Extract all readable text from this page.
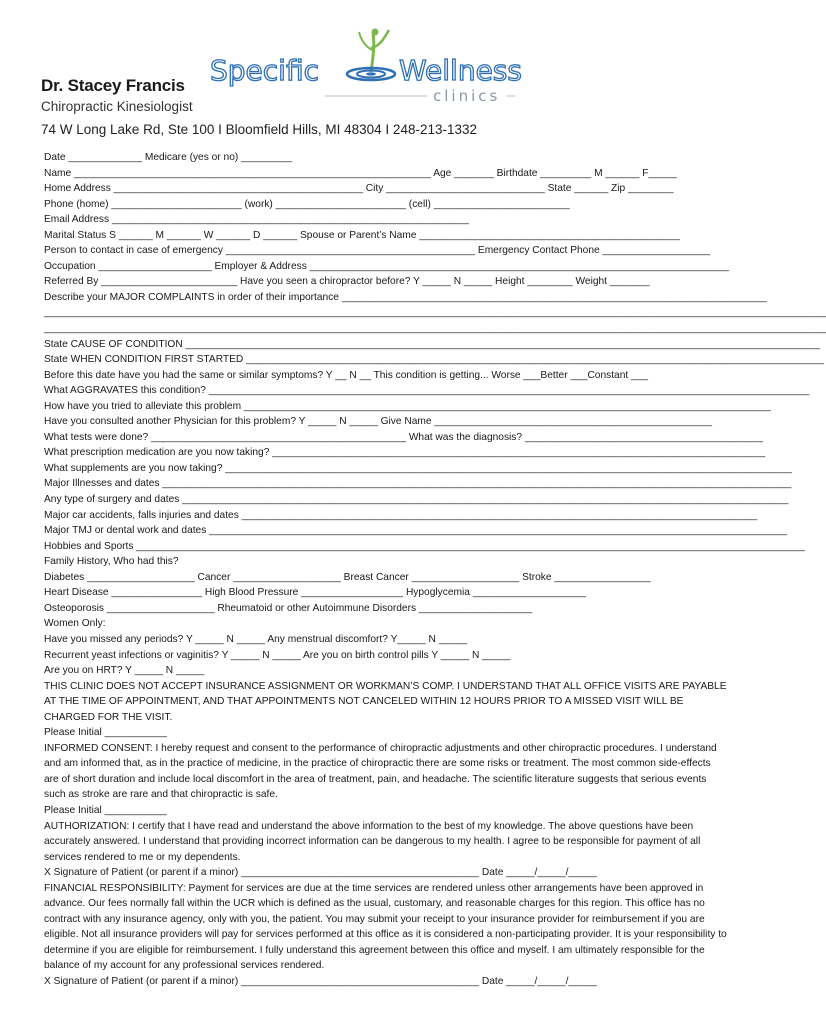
Dr. Stacey Francis
Chiropractic Kinesiologist
74 W Long Lake Rd, Ste 100 I Bloomfield Hills, MI 48304 I 248-213-1332
Specific	Wellness
clinics
Date _____________ Medicare (yes or no) _________
Name _______________________________________________________________ Age _______ Birthdate _________ M ______ F_____
Home Address ____________________________________________ City ____________________________ State ______ Zip ________
Phone (home) _______________________ (work) _______________________ (cell) ________________________
Email Address _______________________________________________________________
Marital Status S ______ M ______ W ______ D ______ Spouse or Parent’s Name ______________________________________________
Person to contact in case of emergency ____________________________________________ Emergency Contact Phone ___________________
Occupation ____________________ Employer & Address __________________________________________________________________________
Referred By ________________________ Have you seen a chiropractor before? Y _____ N _____ Height ________ Weight _______
Describe your MAJOR COMPLAINTS in order of their importance ___________________________________________________________________________
__________________________________________________________________________________________________________________________________________
__________________________________________________________________________________________________________________________________________
State CAUSE OF CONDITION ________________________________________________________________________________________________________________
State WHEN CONDITION FIRST STARTED ______________________________________________________________________________________________________
Before this date have you had the same or similar symptoms? Y __ N __ This condition is getting... Worse ___Better ___Constant ___
What AGGRAVATES this condition? __________________________________________________________________________________________________________
How have you tried to alleviate this problem _____________________________________________________________________________________________
Have you consulted another Physician for this problem? Y _____ N _____ Give Name _________________________________________________
What tests were done? _____________________________________________ What was the diagnosis? __________________________________________
What prescription medication are you now taking? _______________________________________________________________________________________
What supplements are you now taking? ____________________________________________________________________________________________________
Major Illnesses and dates _______________________________________________________________________________________________________________
Any type of surgery and dates ___________________________________________________________________________________________________________
Major car accidents, falls injuries and dates ___________________________________________________________________________________________
Major TMJ or dental work and dates ______________________________________________________________________________________________________
Hobbies and Sports ______________________________________________________________________________________________________________________
Family History, Who had this?
Diabetes ___________________ Cancer ___________________ Breast Cancer ___________________ Stroke _________________
Heart Disease ________________ High Blood Pressure __________________ Hypoglycemia ____________________
Osteoporosis ___________________ Rheumatoid or other Autoimmune Disorders ____________________
Women Only:
Have you missed any periods? Y _____ N _____ Any menstrual discomfort? Y_____ N _____
Recurrent yeast infections or vaginitis? Y _____ N _____ Are you on birth control pills Y _____ N _____
Are you on HRT? Y _____ N _____
THIS CLINIC DOES NOT ACCEPT INSURANCE ASSIGNMENT OR WORKMAN’S COMP. I UNDERSTAND THAT ALL OFFICE VISITS ARE PAYABLE AT THE TIME OF APPOINTMENT, AND THAT APPOINTMENTS NOT CANCELED WITHIN 12 HOURS PRIOR TO A MISSED VISIT WILL BE CHARGED FOR THE VISIT.
Please Initial ___________
INFORMED CONSENT: I hereby request and consent to the performance of chiropractic adjustments and other chiropractic procedures. I understand and am informed that, as in the practice of medicine, in the practice of chiropractic there are some risks or treatment. The most common side-effects are of short duration and include local discomfort in the area of treatment, pain, and headache. The scientific literature suggests that serious events such as stroke are rare and that chiropractic is safe.
Please Initial ___________
AUTHORIZATION: I certify that I have read and understand the above information to the best of my knowledge. The above questions have been accurately answered. I understand that providing incorrect information can be dangerous to my health. I agree to be responsible for payment of all services rendered to me or my dependents.
X Signature of Patient (or parent if a minor) __________________________________________ Date _____/_____/_____
FINANCIAL RESPONSIBILITY: Payment for services are due at the time services are rendered unless other arrangements have been approved in advance. Our fees normally fall within the UCR which is defined as the usual, customary, and reasonable charges for this region. This office has no contract with any insurance agency, only with you, the patient. You may submit your receipt to your insurance provider for reimbursement if you are eligible. Not all insurance providers will pay for services performed at this office as it is considered a non-participating provider. It is your responsibility to determine if you are eligible for reimbursement. I fully understand this agreement between this office and myself. I am ultimately responsible for the balance of my account for any professional services rendered.
X Signature of Patient (or parent if a minor) __________________________________________ Date _____/_____/_____
